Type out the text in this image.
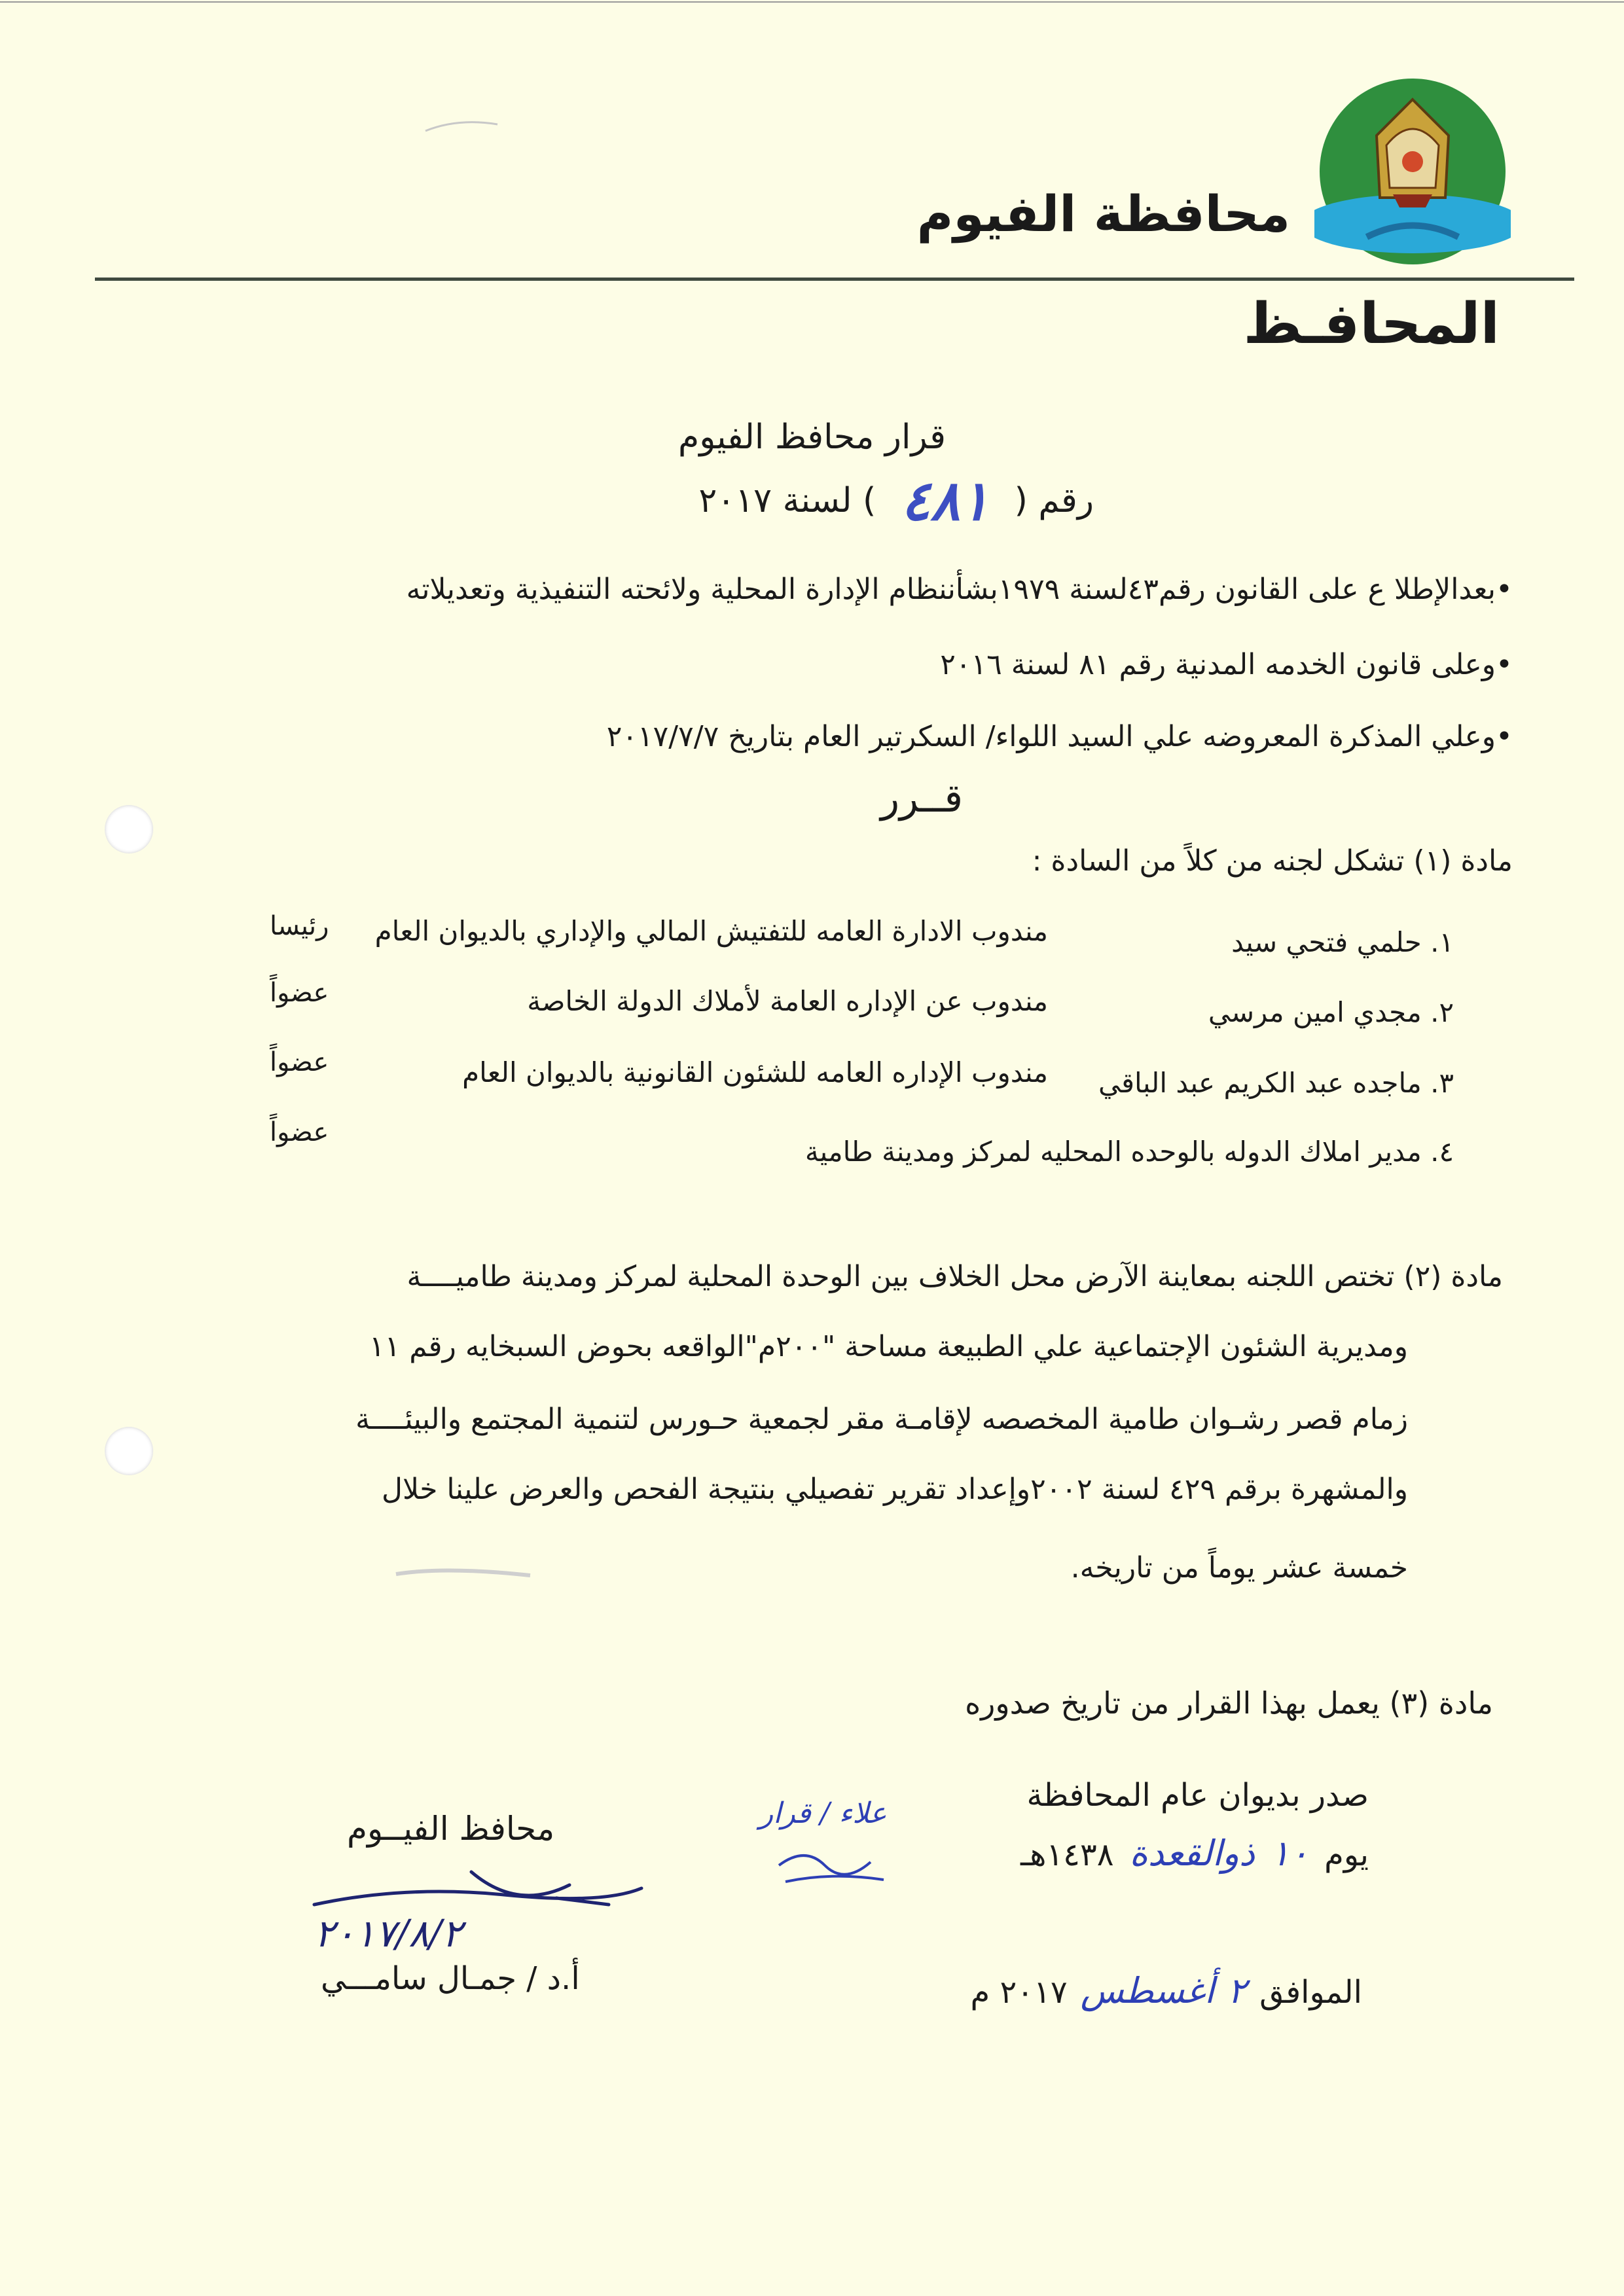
محافظة الفيوم
المحافـظ
قرار محافظ الفيوم
رقم (
٤٨١
) لسنة ٢٠١٧
•بعدالإطلا ع على القانون رقم٤٣لسنة ١٩٧٩بشأننظام الإدارة المحلية ولائحته التنفيذية وتعديلاته
•وعلى قانون الخدمه المدنية رقم ٨١ لسنة ٢٠١٦
•وعلي المذكرة المعروضه علي السيد اللواء/ السكرتير العام بتاريخ ٢٠١٧/٧/٧
قــرر
مادة (١) تشكل لجنه من كلاً من السادة :
١. حلمي فتحي سيد
مندوب الادارة العامه للتفتيش المالي والإداري بالديوان العام
رئيسا
٢. مجدي امين مرسي
مندوب عن الإداره العامة لأملاك الدولة الخاصة
عضواً
٣. ماجده عبد الكريم عبد الباقي
مندوب الإداره العامه للشئون القانونية بالديوان العام
عضواً
٤. مدير املاك الدوله بالوحده المحليه لمركز ومدينة طامية
عضواً
مادة (٢) تختص اللجنه بمعاينة الآرض محل الخلاف بين الوحدة المحلية لمركز ومدينة طاميــــة
ومديرية الشئون الإجتماعية علي الطبيعة مساحة "٢٠٠م"الواقعه بحوض السبخايه رقم ١١
زمام قصر رشـوان طامية المخصصه لإقامـة مقر لجمعية حـورس لتنمية المجتمع والبيئــــة
والمشهرة برقم ٤٢٩ لسنة ٢٠٠٢وإعداد تقرير تفصيلي بنتيجة الفحص والعرض علينا خلال
خمسة عشر يوماً من تاريخه.
مادة (٣) يعمل بهذا القرار من تاريخ صدوره
صدر بديوان عام المحافظة
يوم
١٠
ذوالقعدة
١٤٣٨هـ
الموافق
٢
أغسطس
٢٠١٧ م
علاء / قرار
محافظ الفيــوم
٢٠١٧/٨/٢
أ.د / جمـال سامـــي
